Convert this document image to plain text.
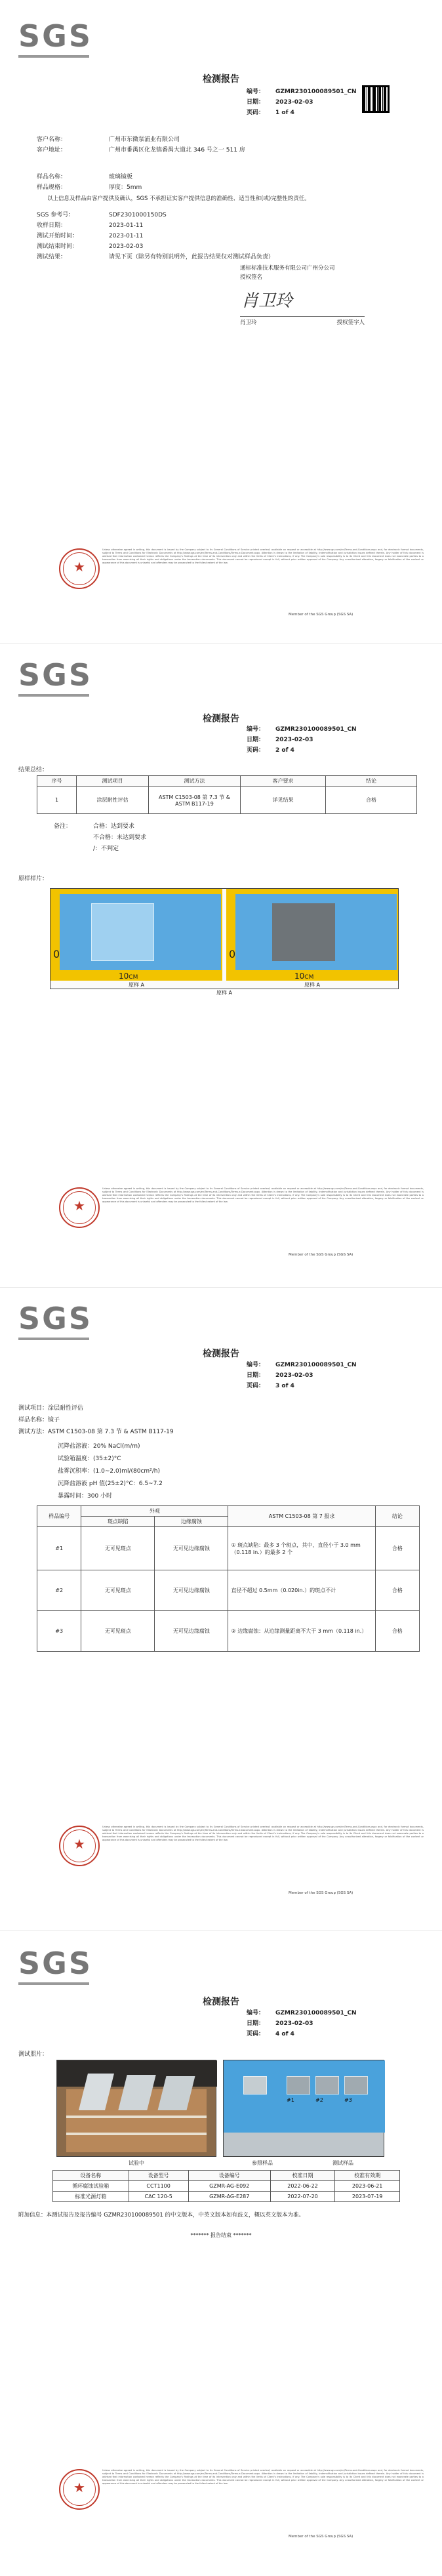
SGS
检测报告
编号：	GZMR230100089501_CN
日期：	2023-02-03
页码：	1 of 4
客户名称：	广州市东微泵浦业有限公司
客户地址：	广州市番禺区化龙镇番禺大道北 346 号之一 511 房
样品名称：	玻璃镜板
样品规格：	厚度：5mm
以上信息及样品由客户提供及确认，SGS 不承担证实客户提供信息的准确性、适当性和(或)完整性的责任。
SGS 参考号：	SDF2301000150DS
收样日期：	2023-01-11
测试开始时间：	2023-01-11
测试结束时间：	2023-02-03
测试结果：	请见下页（除另有特别说明外，此报告结果仅对测试样品负责）
通标标准技术服务有限公司广州分公司
授权签名
肖卫玲
肖卫玲	授权签字人
★
Unless otherwise agreed in writing, this document is issued by the Company subject to its General Conditions of Service printed overleaf, available on request or accessible at http://www.sgs.com/en/Terms-and-Conditions.aspx and, for electronic format documents, subject to Terms and Conditions for Electronic Documents at http://www.sgs.com/en/Terms-and-Conditions/Terms-e-Document.aspx. Attention is drawn to the limitation of liability, indemnification and jurisdiction issues defined therein. Any holder of this document is advised that information contained hereon reflects the Company's findings at the time of its intervention only and within the limits of Client's instructions, if any. The Company's sole responsibility is to its Client and this document does not exonerate parties to a transaction from exercising all their rights and obligations under the transaction documents. This document cannot be reproduced except in full, without prior written approval of the Company. Any unauthorized alteration, forgery or falsification of the content or appearance of this document is unlawful and offenders may be prosecuted to the fullest extent of the law.
Member of the SGS Group (SGS SA)
SGS
检测报告
编号：	GZMR230100089501_CN
日期：	2023-02-03
页码：	2 of 4
结果总结：
序号	测试项目	测试方法	客户要求	结论
1	涂层耐性评估	ASTM C1503-08 第 7.3 节 & ASTM B117-19	详见结果	合格
备注：	合格：达到要求
不合格：未达到要求
/：不判定
原样样片：
0
10CM
0
10CM
原样 A	原样 A
原样 A
★
Unless otherwise agreed in writing, this document is issued by the Company subject to its General Conditions of Service printed overleaf, available on request or accessible at http://www.sgs.com/en/Terms-and-Conditions.aspx and, for electronic format documents, subject to Terms and Conditions for Electronic Documents at http://www.sgs.com/en/Terms-and-Conditions/Terms-e-Document.aspx. Attention is drawn to the limitation of liability, indemnification and jurisdiction issues defined therein. Any holder of this document is advised that information contained hereon reflects the Company's findings at the time of its intervention only and within the limits of Client's instructions, if any. The Company's sole responsibility is to its Client and this document does not exonerate parties to a transaction from exercising all their rights and obligations under the transaction documents. This document cannot be reproduced except in full, without prior written approval of the Company. Any unauthorized alteration, forgery or falsification of the content or appearance of this document is unlawful and offenders may be prosecuted to the fullest extent of the law.
Member of the SGS Group (SGS SA)
SGS
检测报告
编号：	GZMR230100089501_CN
日期：	2023-02-03
页码：	3 of 4
测试项目：涂层耐性评估
样品名称：镜子
测试方法：ASTM C1503-08 第 7.3 节 & ASTM B117-19
沉降盐溶液：20% NaCl(m/m)
试验箱温度：(35±2)°C
盐雾沉积率：(1.0~2.0)ml/(80cm²/h)
沉降盐溶液 pH 值(25±2)°C：6.5~7.2
暴露时间：300 小时
样品编号	外观		ASTM C1503-08 第 7 报求	结论
	斑点缺陷	边缘腐蚀		
#1	无可见斑点	无可见边缘腐蚀	① 斑点缺陷：最多 3 个斑点，其中，直径小于 3.0 mm（0.118 in.）的最多 2 个	合格
#2	无可见斑点	无可见边缘腐蚀	直径不超过 0.5mm（0.020in.）的斑点不计	合格
#3	无可见斑点	无可见边缘腐蚀	② 边缘腐蚀：从边缘测量距离不大于 3 mm（0.118 in.）	合格
★
Unless otherwise agreed in writing, this document is issued by the Company subject to its General Conditions of Service printed overleaf, available on request or accessible at http://www.sgs.com/en/Terms-and-Conditions.aspx and, for electronic format documents, subject to Terms and Conditions for Electronic Documents at http://www.sgs.com/en/Terms-and-Conditions/Terms-e-Document.aspx. Attention is drawn to the limitation of liability, indemnification and jurisdiction issues defined therein. Any holder of this document is advised that information contained hereon reflects the Company's findings at the time of its intervention only and within the limits of Client's instructions, if any. The Company's sole responsibility is to its Client and this document does not exonerate parties to a transaction from exercising all their rights and obligations under the transaction documents. This document cannot be reproduced except in full, without prior written approval of the Company. Any unauthorized alteration, forgery or falsification of the content or appearance of this document is unlawful and offenders may be prosecuted to the fullest extent of the law.
Member of the SGS Group (SGS SA)
SGS
检测报告
编号：	GZMR230100089501_CN
日期：	2023-02-03
页码：	4 of 4
测试照片：
#1	#2	#3
试验中	参照样品	测试样品
设备名称	设备型号	设备编号	校准日期	校准有效期
循环腐蚀试验箱	CCT1100	GZMR-AG-E092	2022-06-22	2023-06-21
标准光源灯箱	CAC 120-5	GZMR-AG-E287	2022-07-20	2023-07-19
附加信息：本测试报告及报告编号 GZMR230100089501 的中文版本，中英文版本如有歧义，概以英文版本为准。
******* 报告结束 *******
★
Unless otherwise agreed in writing, this document is issued by the Company subject to its General Conditions of Service printed overleaf, available on request or accessible at http://www.sgs.com/en/Terms-and-Conditions.aspx and, for electronic format documents, subject to Terms and Conditions for Electronic Documents at http://www.sgs.com/en/Terms-and-Conditions/Terms-e-Document.aspx. Attention is drawn to the limitation of liability, indemnification and jurisdiction issues defined therein. Any holder of this document is advised that information contained hereon reflects the Company's findings at the time of its intervention only and within the limits of Client's instructions, if any. The Company's sole responsibility is to its Client and this document does not exonerate parties to a transaction from exercising all their rights and obligations under the transaction documents. This document cannot be reproduced except in full, without prior written approval of the Company. Any unauthorized alteration, forgery or falsification of the content or appearance of this document is unlawful and offenders may be prosecuted to the fullest extent of the law.
Member of the SGS Group (SGS SA)
